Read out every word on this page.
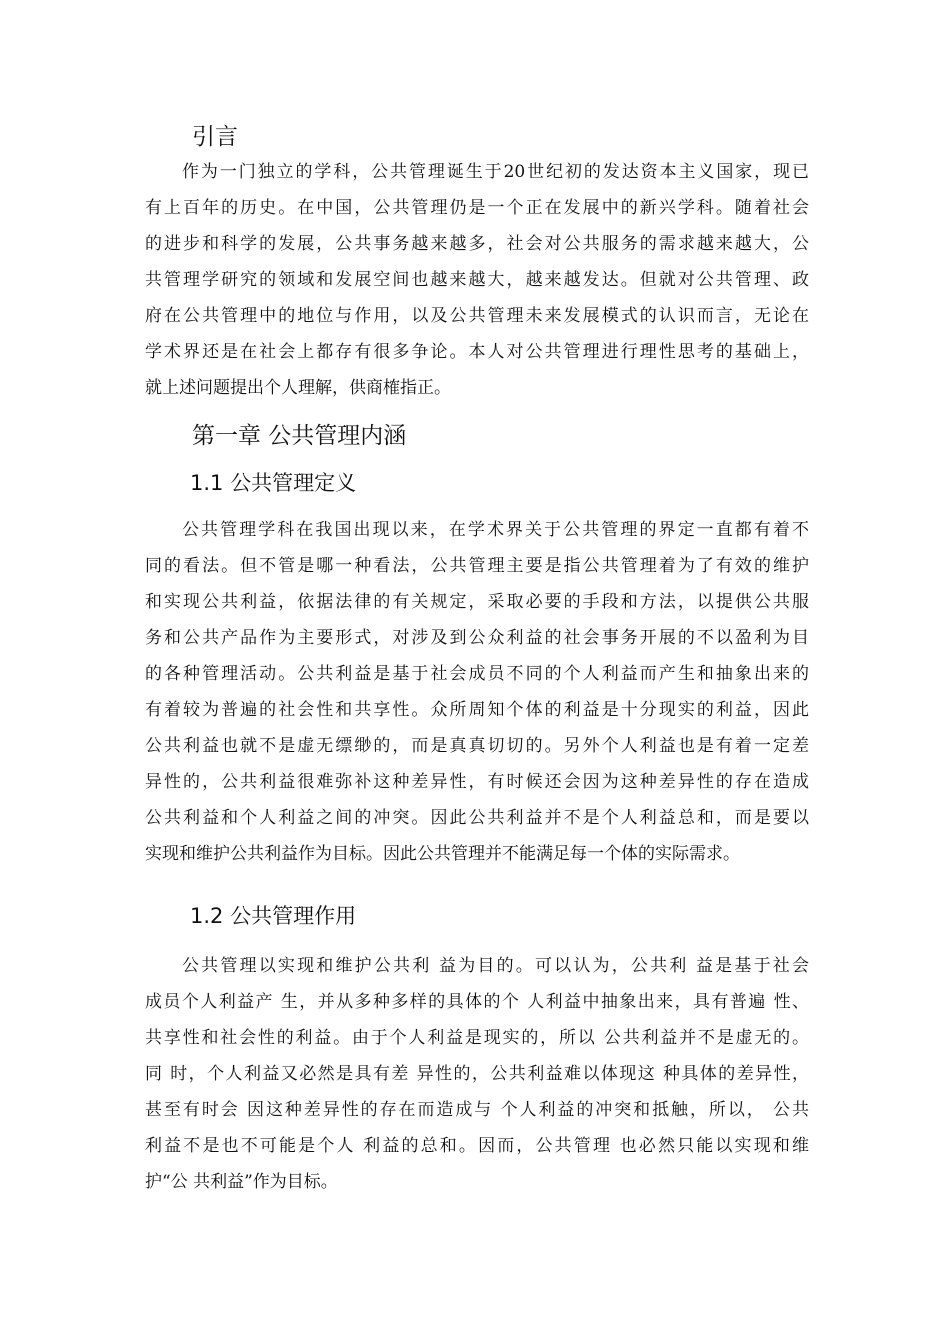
引言
作为一门独立的学科，公共管理诞生于20世纪初的发达资本主义国家，现已
有上百年的历史。在中国，公共管理仍是一个正在发展中的新兴学科。随着社会
的进步和科学的发展，公共事务越来越多，社会对公共服务的需求越来越大，公
共管理学研究的领域和发展空间也越来越大，越来越发达。但就对公共管理、政
府在公共管理中的地位与作用，以及公共管理未来发展模式的认识而言，无论在
学术界还是在社会上都存有很多争论。本人对公共管理进行理性思考的基础上，
就上述问题提出个人理解，供商榷指正。
第一章 公共管理内涵
1.1 公共管理定义
公共管理学科在我国出现以来，在学术界关于公共管理的界定一直都有着不
同的看法。但不管是哪一种看法，公共管理主要是指公共管理着为了有效的维护
和实现公共利益，依据法律的有关规定，采取必要的手段和方法，以提供公共服
务和公共产品作为主要形式，对涉及到公众利益的社会事务开展的不以盈利为目
的各种管理活动。公共利益是基于社会成员不同的个人利益而产生和抽象出来的
有着较为普遍的社会性和共享性。众所周知个体的利益是十分现实的利益，因此
公共利益也就不是虚无缥缈的，而是真真切切的。另外个人利益也是有着一定差
异性的，公共利益很难弥补这种差异性，有时候还会因为这种差异性的存在造成
公共利益和个人利益之间的冲突。因此公共利益并不是个人利益总和，而是要以
实现和维护公共利益作为目标。因此公共管理并不能满足每一个体的实际需求。
1.2 公共管理作用
公共管理以实现和维护公共利 益为目的。可以认为，公共利 益是基于社会
成员个人利益产 生，并从多种多样的具体的个 人利益中抽象出来，具有普遍 性、
共享性和社会性的利益。由于个人利益是现实的，所以 公共利益并不是虚无的。
同 时，个人利益又必然是具有差 异性的，公共利益难以体现这 种具体的差异性，
甚至有时会 因这种差异性的存在而造成与 个人利益的冲突和抵触，所以， 公共
利益不是也不可能是个人 利益的总和。因而，公共管理 也必然只能以实现和维
护“公 共利益”作为目标。
